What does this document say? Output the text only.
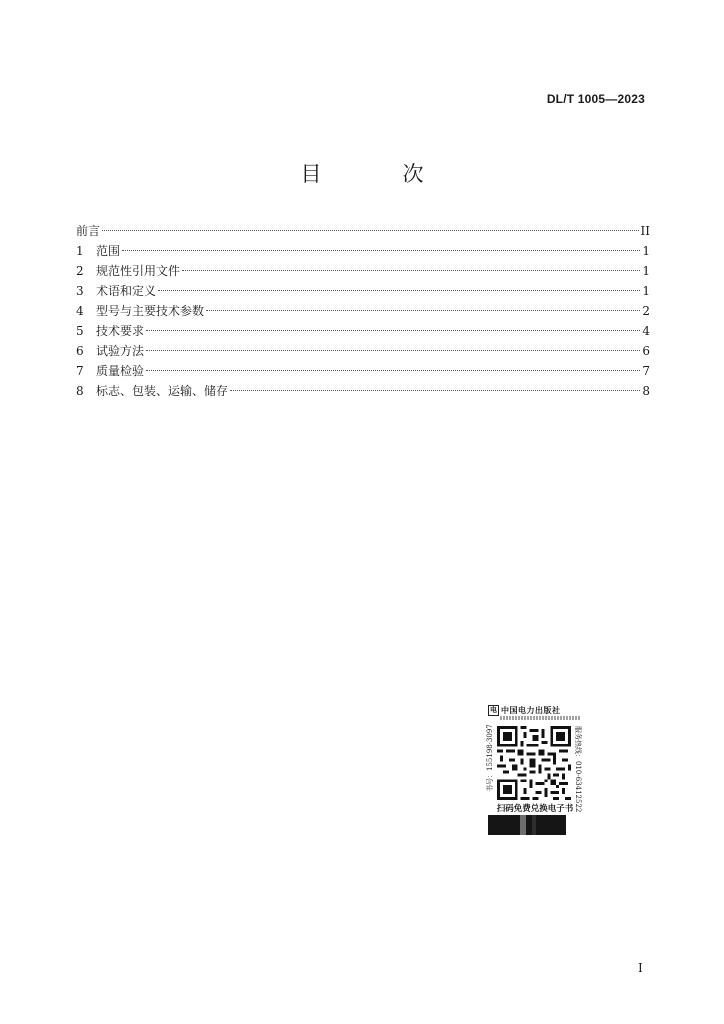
DL/T 1005—2023
目　次
前言	II
1	范围	1
2	规范性引用文件	1
3	术语和定义	1
4	型号与主要技术参数	2
5	技术要求	4
6	试验方法	6
7	质量检验	7
8	标志、包装、运输、储存	8
电 中国电力出版社
书号：155198·3097	服务热线：010-63412522
扫码免费兑换电子书
I
